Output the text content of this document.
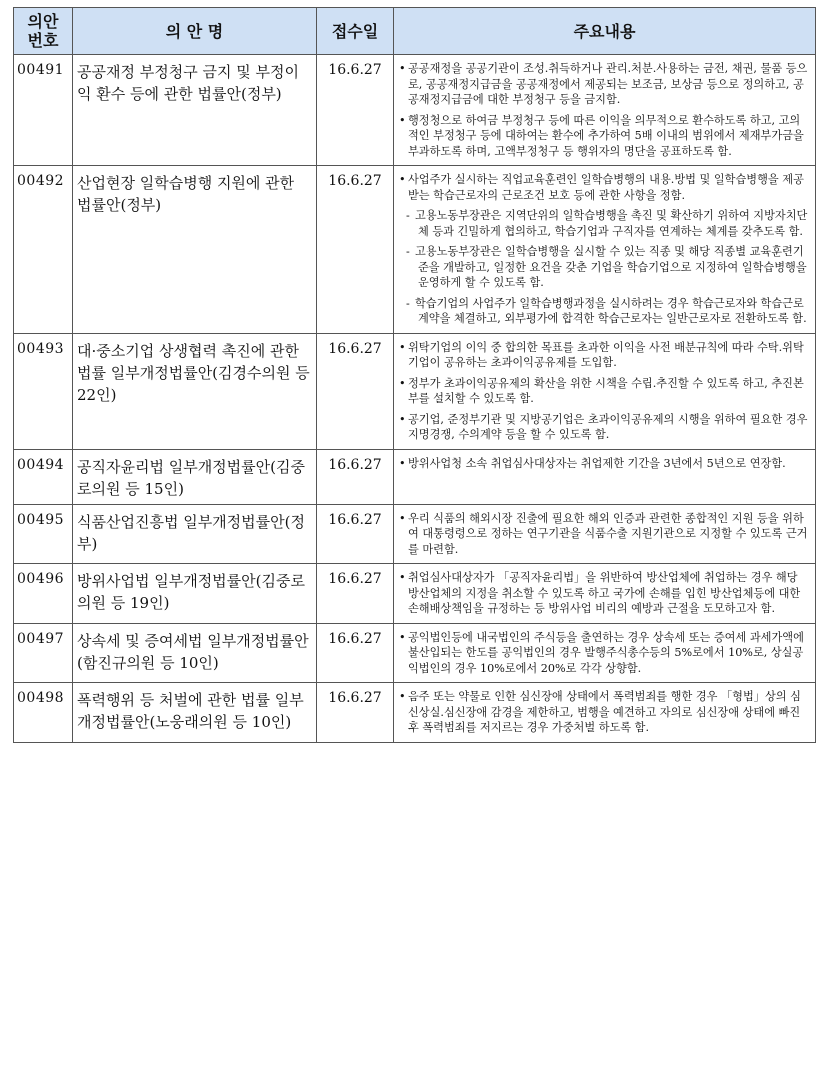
의안
번호	의 안 명	접수일	주요내용
00491	공공재정 부정청구 금지 및 부정이익 환수 등에 관한 법률안(정부)	16.6.27	• 공공재정을 공공기관이 조성.취득하거나 관리.처분.사용하는 금전, 채권, 물품 등으로, 공공재정지급금을 공공재정에서 제공되는 보조금, 보상금 등으로 정의하고, 공공재정지급금에 대한 부정청구 등을 금지함.
• 행정청으로 하여금 부정청구 등에 따른 이익을 의무적으로 환수하도록 하고, 고의적인 부정청구 등에 대하여는 환수에 추가하여 5배 이내의 범위에서 제재부가금을 부과하도록 하며, 고액부정청구 등 행위자의 명단을 공표하도록 함.

00492	산업현장 일학습병행 지원에 관한 법률안(정부)	16.6.27	• 사업주가 실시하는 직업교육훈련인 일학습병행의 내용.방법 및 일학습병행을 제공받는 학습근로자의 근로조건 보호 등에 관한 사항을 정함.
- 고용노동부장관은 지역단위의 일학습병행을 촉진 및 확산하기 위하여 지방자치단체 등과 긴밀하게 협의하고, 학습기업과 구직자를 연계하는 체계를 갖추도록 함.
- 고용노동부장관은 일학습병행을 실시할 수 있는 직종 및 해당 직종별 교육훈련기준을 개발하고, 일정한 요건을 갖춘 기업을 학습기업으로 지정하여 일학습병행을 운영하게 할 수 있도록 함.
- 학습기업의 사업주가 일학습병행과정을 실시하려는 경우 학습근로자와 학습근로계약을 체결하고, 외부평가에 합격한 학습근로자는 일반근로자로 전환하도록 함.

00493	대·중소기업 상생협력 촉진에 관한 법률 일부개정법률안(김경수의원 등 22인)	16.6.27	• 위탁기업의 이익 중 합의한 목표를 초과한 이익을 사전 배분규칙에 따라 수탁.위탁 기업이 공유하는 초과이익공유제를 도입함.
• 정부가 초과이익공유제의 확산을 위한 시책을 수립.추진할 수 있도록 하고, 추진본부를 설치할 수 있도록 함.
• 공기업, 준정부기관 및 지방공기업은 초과이익공유제의 시행을 위하여 필요한 경우 지명경쟁, 수의계약 등을 할 수 있도록 함.

00494	공직자윤리법 일부개정법률안(김중로의원 등 15인)	16.6.27	• 방위사업청 소속 취업심사대상자는 취업제한 기간을 3년에서 5년으로 연장함.

00495	식품산업진흥법 일부개정법률안(정부)	16.6.27	• 우리 식품의 해외시장 진출에 필요한 해외 인증과 관련한 종합적인 지원 등을 위하여 대통령령으로 정하는 연구기관을 식품수출 지원기관으로 지정할 수 있도록 근거를 마련함.

00496	방위사업법 일부개정법률안(김중로의원 등 19인)	16.6.27	• 취업심사대상자가 「공직자윤리법」을 위반하여 방산업체에 취업하는 경우 해당 방산업체의 지정을 취소할 수 있도록 하고 국가에 손해를 입힌 방산업체등에 대한 손해배상책임을 규정하는 등 방위사업 비리의 예방과 근절을 도모하고자 함.

00497	상속세 및 증여세법 일부개정법률안(함진규의원 등 10인)	16.6.27	• 공익법인등에 내국법인의 주식등을 출연하는 경우 상속세 또는 증여세 과세가액에 불산입되는 한도를 공익법인의 경우 발행주식총수등의 5%로에서 10%로, 상실공익법인의 경우 10%로에서 20%로 각각 상향함.

00498	폭력행위 등 처벌에 관한 법률 일부개정법률안(노웅래의원 등 10인)	16.6.27	• 음주 또는 약물로 인한 심신장애 상태에서 폭력범죄를 행한 경우 「형법」상의 심신상실.심신장애 감경을 제한하고, 범행을 예견하고 자의로 심신장애 상태에 빠진 후 폭력범죄를 저지르는 경우 가중처벌 하도록 함.
